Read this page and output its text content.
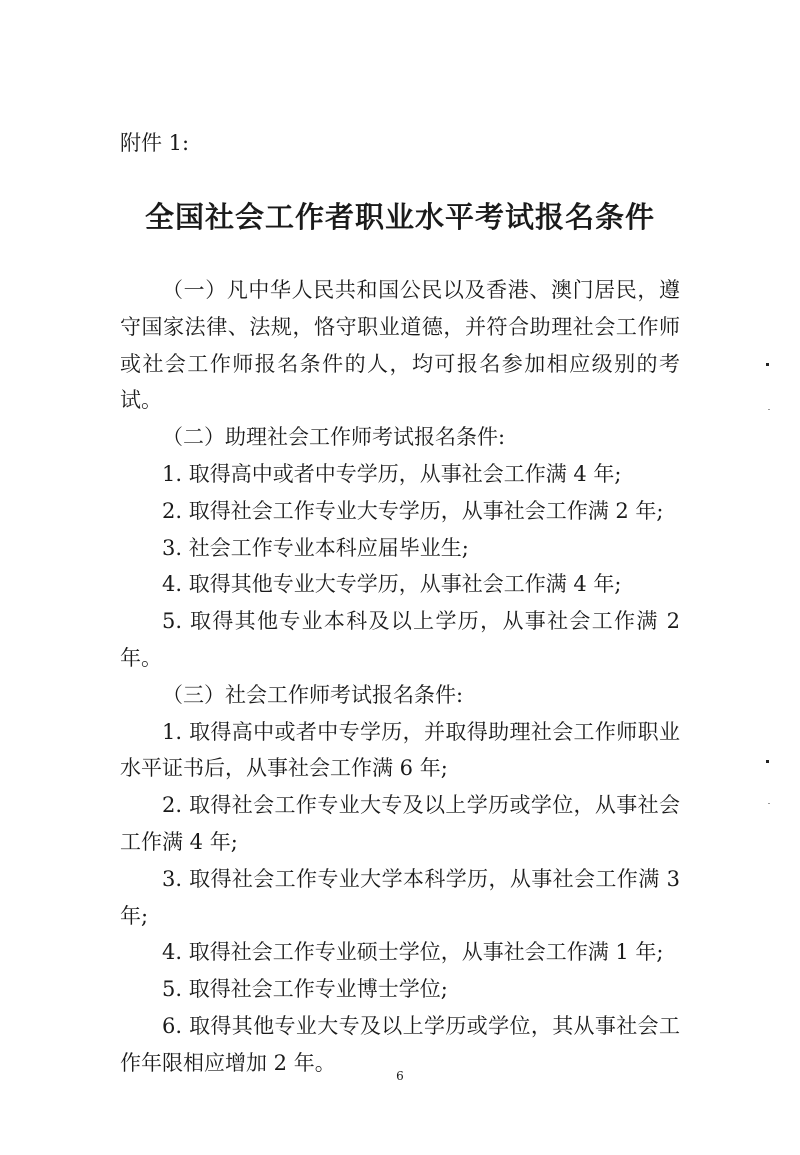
附件 1:
全国社会工作者职业水平考试报名条件

（一）凡中华人民共和国公民以及香港、澳门居民，遵守国家法律、法规，恪守职业道德，并符合助理社会工作师或社会工作师报名条件的人，均可报名参加相应级别的考试。

（二）助理社会工作师考试报名条件:

1. 取得高中或者中专学历，从事社会工作满 4 年;

2. 取得社会工作专业大专学历，从事社会工作满 2 年;

3. 社会工作专业本科应届毕业生;

4. 取得其他专业大专学历，从事社会工作满 4 年;

5. 取得其他专业本科及以上学历，从事社会工作满 2 年。

（三）社会工作师考试报名条件:

1. 取得高中或者中专学历，并取得助理社会工作师职业水平证书后，从事社会工作满 6 年;

2. 取得社会工作专业大专及以上学历或学位，从事社会工作满 4 年;

3. 取得社会工作专业大学本科学历，从事社会工作满 3 年;

4. 取得社会工作专业硕士学位，从事社会工作满 1 年;

5. 取得社会工作专业博士学位;

6. 取得其他专业大专及以上学历或学位，其从事社会工作年限相应增加 2 年。

6
